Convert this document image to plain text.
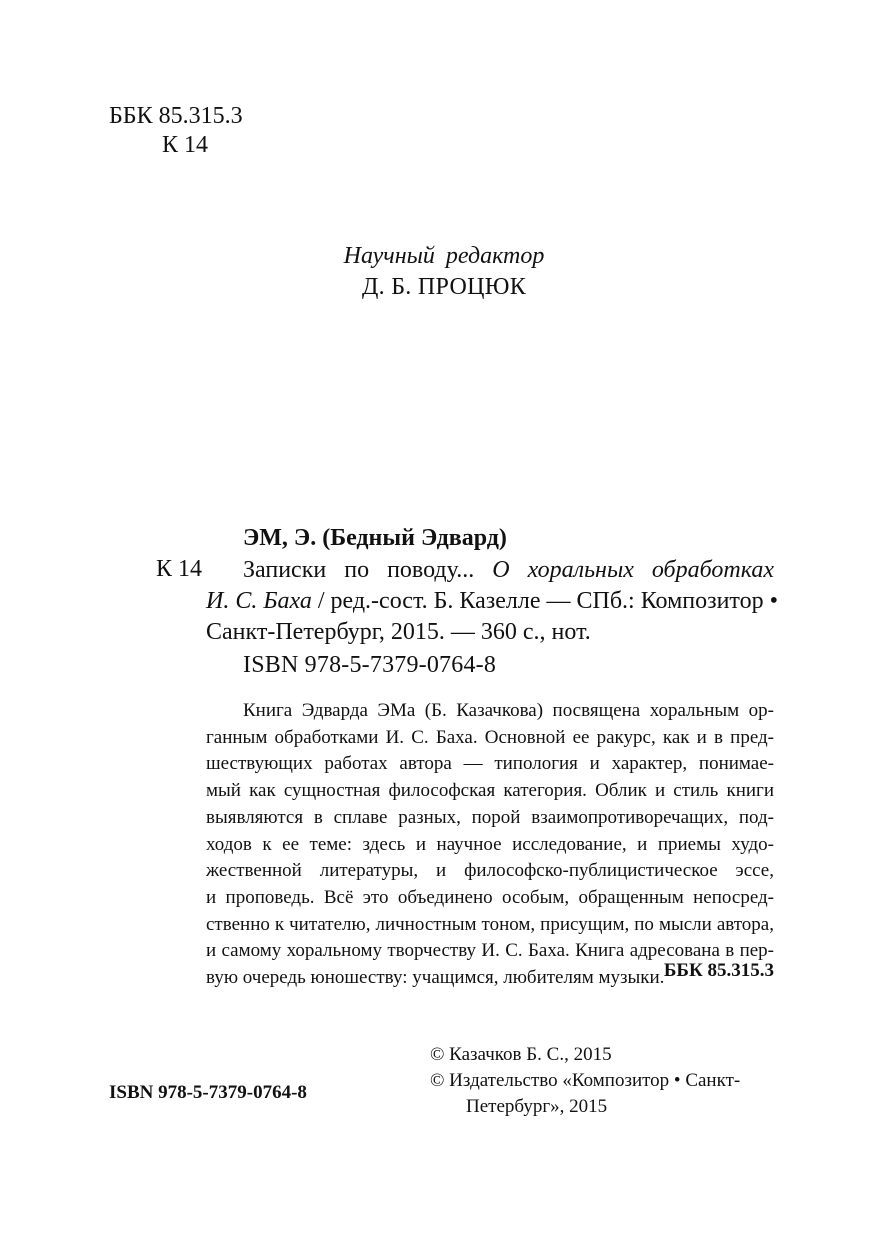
ББК 85.315.3
К 14
Научный редактор
Д. Б. ПРОЦЮК
ЭМ, Э. (Бедный Эдвард)
К 14	Записки по поводу... О хоральных обработках
И. С. Баха / ред.-сост. Б. Казелле — СПб.: Композитор •
Санкт-Петербург, 2015. — 360 с., нот.
ISBN 978-5-7379-0764-8
Книга Эдварда ЭМа (Б. Казачкова) посвящена хоральным ор-
ганным обработками И. С. Баха. Основной ее ракурс, как и в пред-
шествующих работах автора — типология и характер, понимае-
мый как сущностная философская категория. Облик и стиль книги
выявляются в сплаве разных, порой взаимопротиворечащих, под-
ходов к ее теме: здесь и научное исследование, и приемы худо-
жественной литературы, и философско-публицистическое эссе,
и проповедь. Всё это объединено особым, обращенным непосред-
ственно к читателю, личностным тоном, присущим, по мысли автора,
и самому хоральному творчеству И. С. Баха. Книга адресована в пер-
вую очередь юношеству: учащимся, любителям музыки. ББК 85.315.3
ISBN 978-5-7379-0764-8
© Казачков Б. С., 2015
© Издательство «Композитор • Санкт-
Петербург», 2015
